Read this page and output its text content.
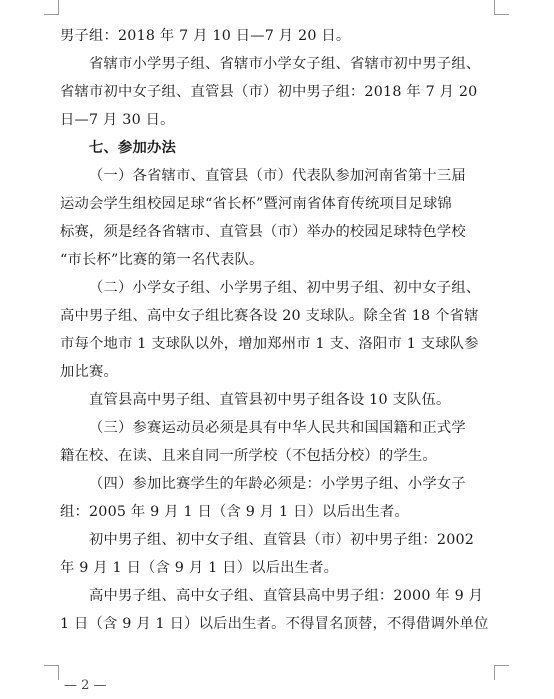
男子组：2018 年 7 月 10 日—7 月 20 日。
省辖市小学男子组、省辖市小学女子组、省辖市初中男子组、
省辖市初中女子组、直管县（市）初中男子组：2018 年 7 月 20
日—7 月 30 日。
七、参加办法
（一）各省辖市、直管县（市）代表队参加河南省第十三届
运动会学生组校园足球“省长杯”暨河南省体育传统项目足球锦
标赛，须是经各省辖市、直管县（市）举办的校园足球特色学校
“市长杯”比赛的第一名代表队。
（二）小学女子组、小学男子组、初中男子组、初中女子组、
高中男子组、高中女子组比赛各设 20 支球队。除全省 18 个省辖
市每个地市 1 支球队以外，增加郑州市 1 支、洛阳市 1 支球队参
加比赛。
直管县高中男子组、直管县初中男子组各设 10 支队伍。
（三）参赛运动员必须是具有中华人民共和国国籍和正式学
籍在校、在读、且来自同一所学校（不包括分校）的学生。
（四）参加比赛学生的年龄必须是：小学男子组、小学女子
组：2005 年 9 月 1 日（含 9 月 1 日）以后出生者。
初中男子组、初中女子组、直管县（市）初中男子组：2002
年 9 月 1 日（含 9 月 1 日）以后出生者。
高中男子组、高中女子组、直管县高中男子组：2000 年 9 月
1 日（含 9 月 1 日）以后出生者。不得冒名顶替，不得借调外单位
— 2 —
